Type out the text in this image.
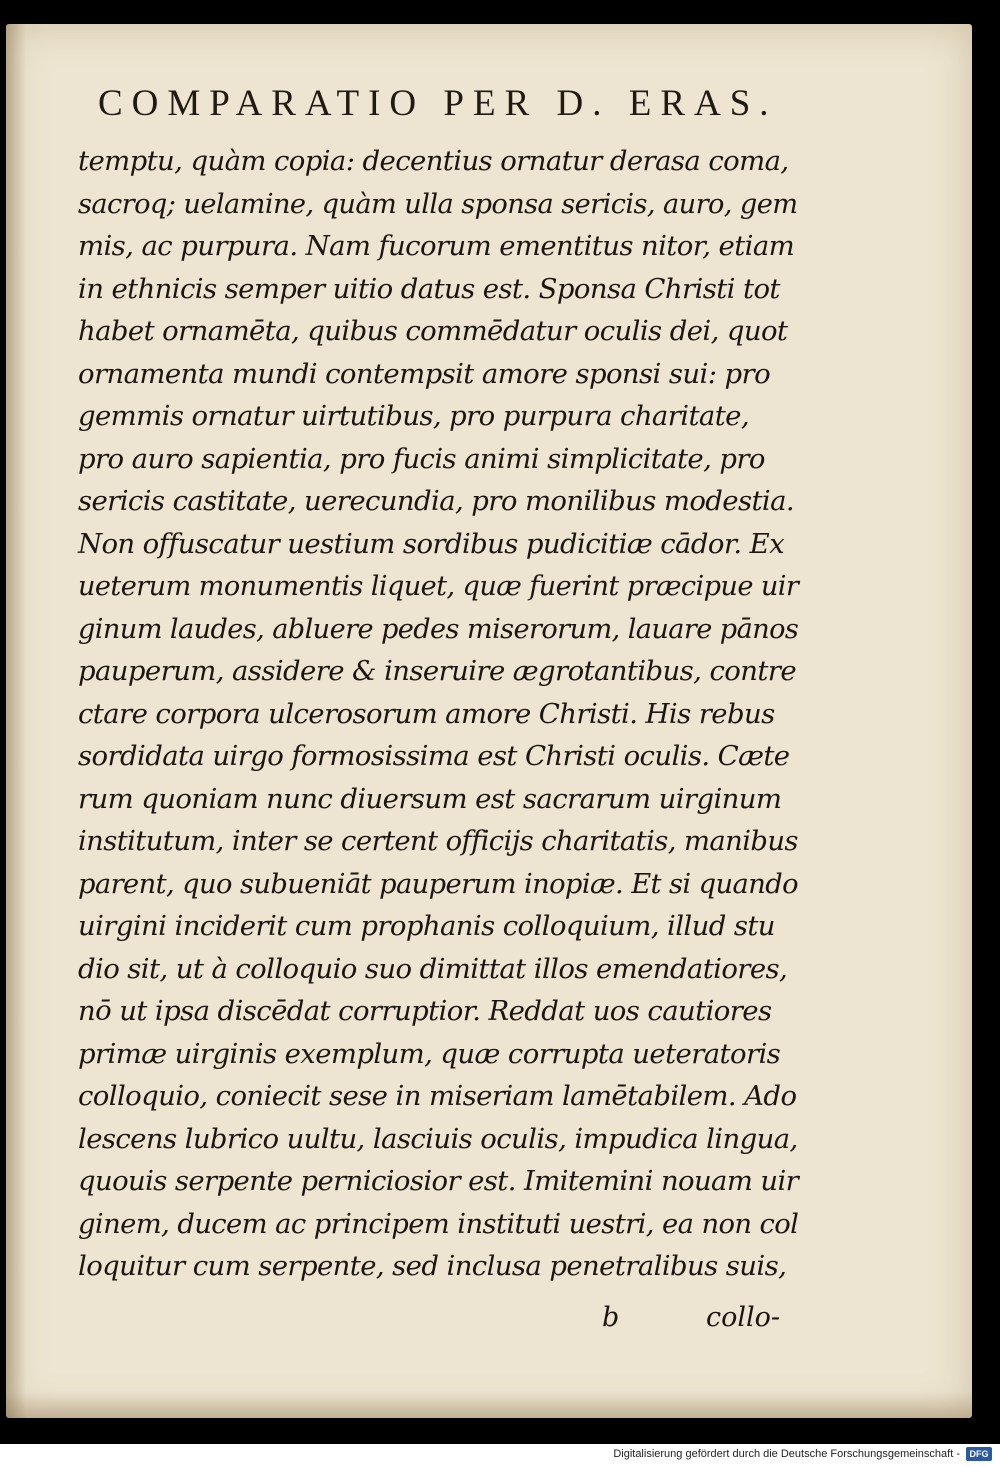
COMPARATIO PER D. ERAS.
temptu, quàm copia: decentius ornatur derasa coma,
sacroq; uelamine, quàm ulla sponsa sericis, auro, gem
mis, ac purpura. Nam fucorum ementitus nitor, etiam
in ethnicis semper uitio datus est. Sponsa Christi tot
habet ornamēta, quibus commēdatur oculis dei, quot
ornamenta mundi contempsit amore sponsi sui: pro
gemmis ornatur uirtutibus, pro purpura charitate,
pro auro sapientia, pro fucis animi simplicitate, pro
sericis castitate, uerecundia, pro monilibus modestia.
Non offuscatur uestium sordibus pudicitiæ cādor. Ex
ueterum monumentis liquet, quæ fuerint præcipue uir
ginum laudes, abluere pedes miserorum, lauare pānos
pauperum, assidere & inseruire ægrotantibus, contre
ctare corpora ulcerosorum amore Christi. His rebus
sordidata uirgo formosissima est Christi oculis. Cæte
rum quoniam nunc diuersum est sacrarum uirginum
institutum, inter se certent officijs charitatis, manibus
parent, quo subueniāt pauperum inopiæ. Et si quando
uirgini inciderit cum prophanis colloquium, illud stu
dio sit, ut à colloquio suo dimittat illos emendatiores,
nō ut ipsa discēdat corruptior. Reddat uos cautiores
primæ uirginis exemplum, quæ corrupta ueteratoris
colloquio, coniecit sese in miseriam lamētabilem. Ado
lescens lubrico uultu, lasciuis oculis, impudica lingua,
quouis serpente perniciosior est. Imitemini nouam uir
ginem, ducem ac principem instituti uestri, ea non col
loquitur cum serpente, sed inclusa penetralibus suis,
b	collo-
Digitalisierung gefördert durch die Deutsche Forschungsgemeinschaft -	DFG
